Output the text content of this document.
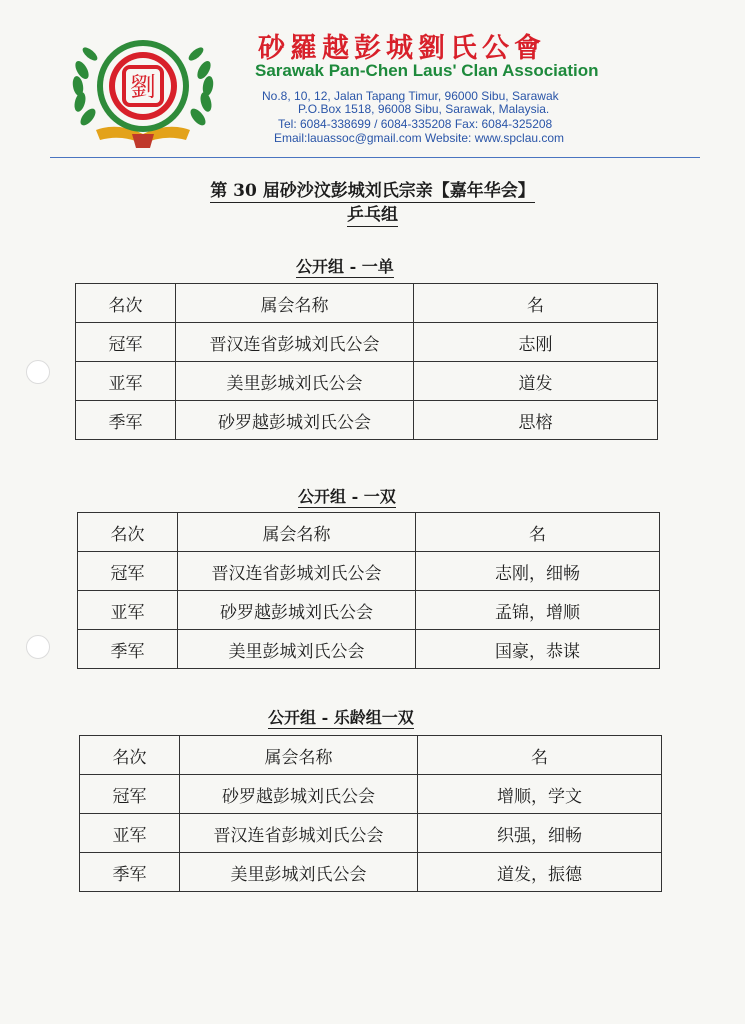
劉
砂羅越彭城劉氏公會
Sarawak Pan-Chen Laus' Clan Association
No.8, 10, 12, Jalan Tapang Timur, 96000 Sibu, Sarawak
P.O.Box 1518, 96008 Sibu, Sarawak, Malaysia.
Tel: 6084-338699 / 6084-335208 Fax: 6084-325208
Email:lauassoc@gmail.com Website: www.spclau.com
第 30 届砂沙汶彭城刘氏宗亲【嘉年华会】
乒乓组
公开组 - 一单
名次	属会名称	名
冠军	晋汉连省彭城刘氏公会	志刚
亚军	美里彭城刘氏公会	道发
季军	砂罗越彭城刘氏公会	思榕
公开组 - 一双
名次	属会名称	名
冠军	晋汉连省彭城刘氏公会	志刚，细畅
亚军	砂罗越彭城刘氏公会	孟锦，增顺
季军	美里彭城刘氏公会	国豪，恭谋
公开组 - 乐龄组一双
名次	属会名称	名
冠军	砂罗越彭城刘氏公会	增顺，学文
亚军	晋汉连省彭城刘氏公会	织强，细畅
季军	美里彭城刘氏公会	道发，振德
